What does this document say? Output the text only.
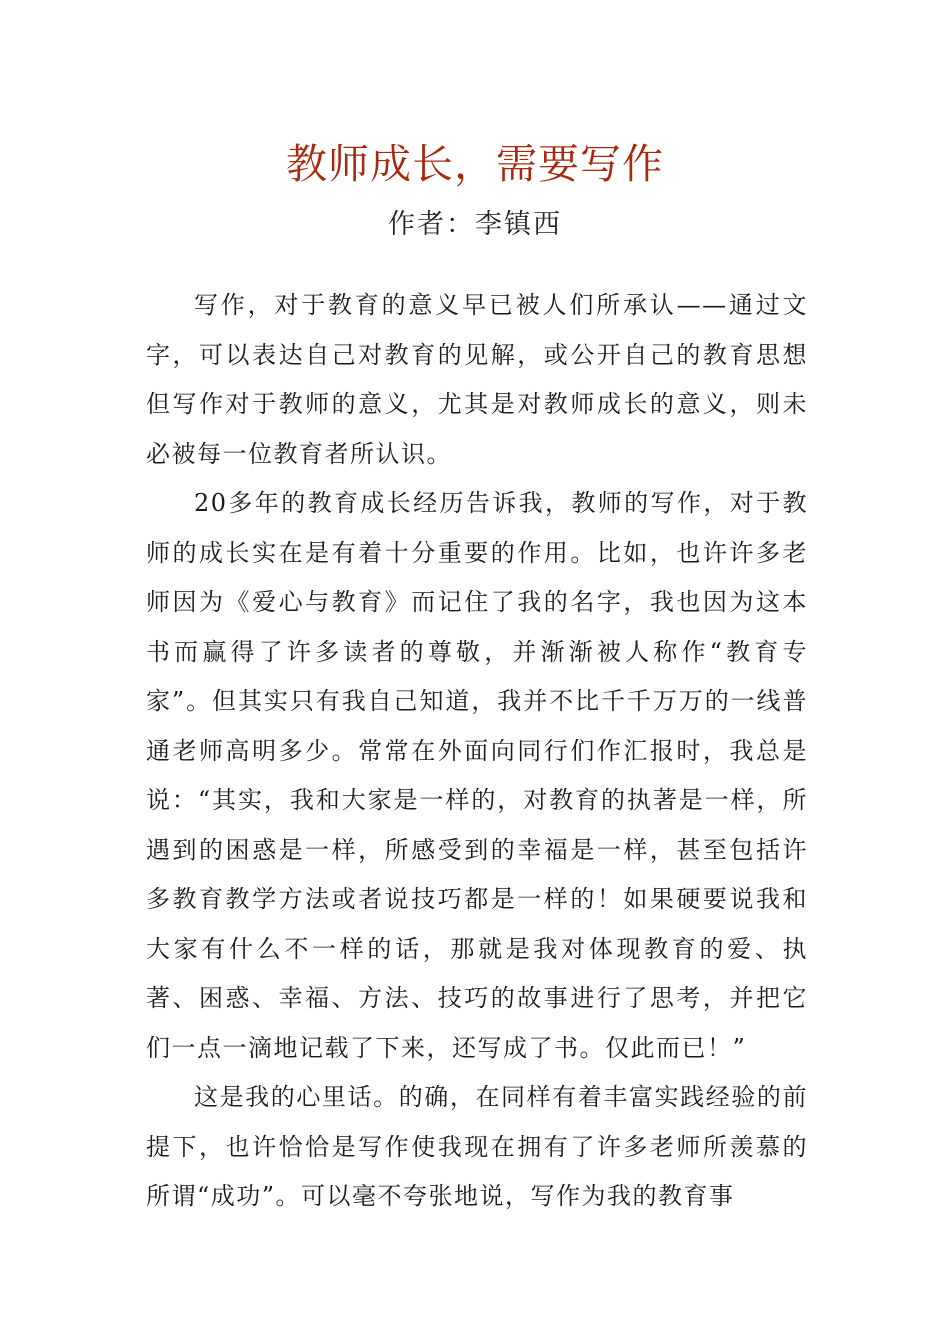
教师成长，需要写作
作者：李镇西

写作，对于教育的意义早已被人们所承认——通过文字，可以表达自己对教育的见解，或公开自己的教育思想但写作对于教师的意义，尤其是对教师成长的意义，则未必被每一位教育者所认识。

20多年的教育成长经历告诉我，教师的写作，对于教师的成长实在是有着十分重要的作用。比如，也许许多老师因为《爱心与教育》而记住了我的名字，我也因为这本书而赢得了许多读者的尊敬，并渐渐被人称作“教育专家”。但其实只有我自己知道，我并不比千千万万的一线普通老师高明多少。常常在外面向同行们作汇报时，我总是说：“其实，我和大家是一样的，对教育的执著是一样，所遇到的困惑是一样，所感受到的幸福是一样，甚至包括许多教育教学方法或者说技巧都是一样的！如果硬要说我和大家有什么不一样的话，那就是我对体现教育的爱、执著、困惑、幸福、方法、技巧的故事进行了思考，并把它们一点一滴地记载了下来，还写成了书。仅此而已！”

这是我的心里话。的确，在同样有着丰富实践经验的前提下，也许恰恰是写作使我现在拥有了许多老师所羡慕的所谓“成功”。可以毫不夸张地说，写作为我的教育事
